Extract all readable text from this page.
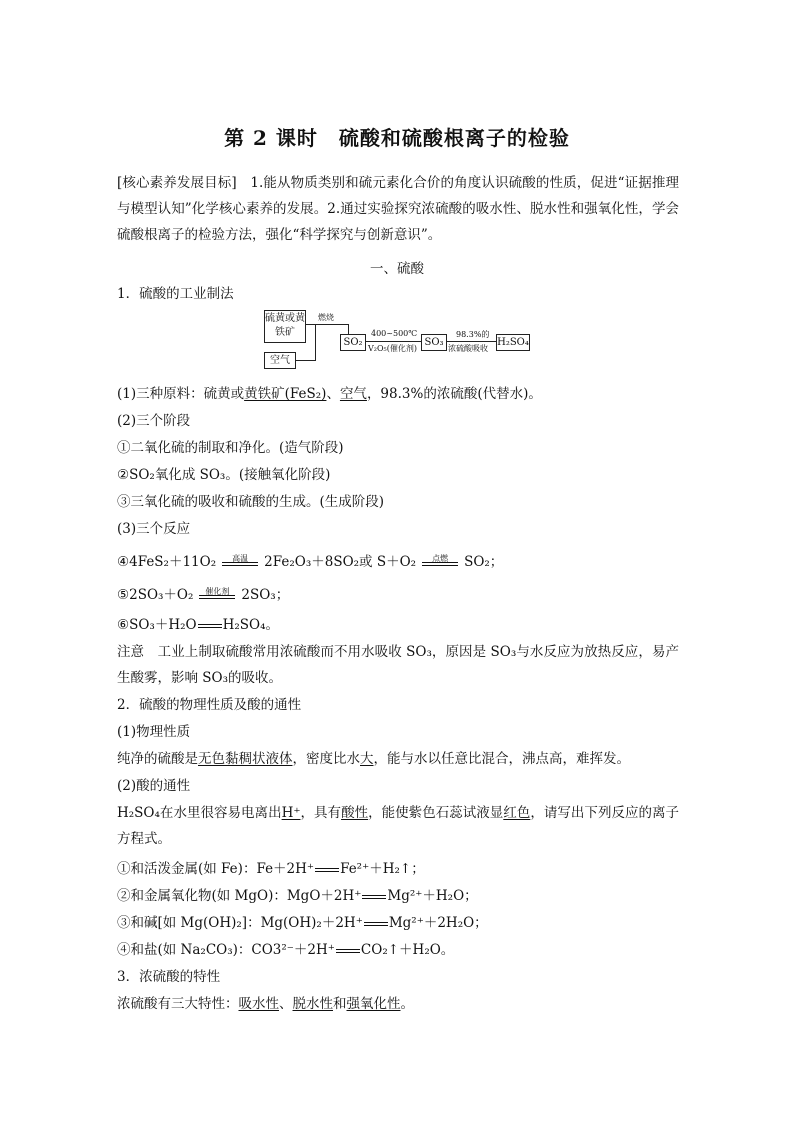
第 2 课时　硫酸和硫酸根离子的检验
[核心素养发展目标]　1.能从物质类别和硫元素化合价的角度认识硫酸的性质，促进“证据推理与模型认知”化学核心素养的发展。2.通过实验探究浓硫酸的吸水性、脱水性和强氧化性，学会硫酸根离子的检验方法，强化“科学探究与创新意识”。
一、硫酸
1．硫酸的工业制法
硫黄或黄铁矿
空气
燃烧
SO₂
400~500℃
V₂O₅(催化剂)
SO₃
98.3%的
浓硫酸吸收
H₂SO₄
(1)三种原料：硫黄或黄铁矿(FeS₂)、空气，98.3%的浓硫酸(代替水)。
(2)三个阶段
①二氧化硫的制取和净化。(造气阶段)
②SO₂氧化成 SO₃。(接触氧化阶段)
③三氧化硫的吸收和硫酸的生成。(生成阶段)
(3)三个反应
④4FeS₂＋11O₂	高温	2Fe₂O₃＋8SO₂或 S＋O₂	点燃	SO₂；
⑤2SO₃＋O₂	催化剂 2SO₃；
⑥SO₃＋H₂O H₂SO₄。
注意　工业上制取硫酸常用浓硫酸而不用水吸收 SO₃，原因是 SO₃与水反应为放热反应，易产生酸雾，影响 SO₃的吸收。
2．硫酸的物理性质及酸的通性
(1)物理性质
纯净的硫酸是无色黏稠状液体，密度比水大，能与水以任意比混合，沸点高，难挥发。
(2)酸的通性
H₂SO₄在水里很容易电离出H⁺，具有酸性，能使紫色石蕊试液显红色，请写出下列反应的离子方程式。
①和活泼金属(如 Fe)：Fe＋2H⁺ Fe²⁺＋H₂↑；
②和金属氧化物(如 MgO)：MgO＋2H⁺ Mg²⁺＋H₂O；
③和碱[如 Mg(OH)₂]：Mg(OH)₂＋2H⁺ Mg²⁺＋2H₂O；
④和盐(如 Na₂CO₃)：CO3²⁻＋2H⁺ CO₂↑＋H₂O。
3．浓硫酸的特性
浓硫酸有三大特性：吸水性、脱水性和强氧化性。
